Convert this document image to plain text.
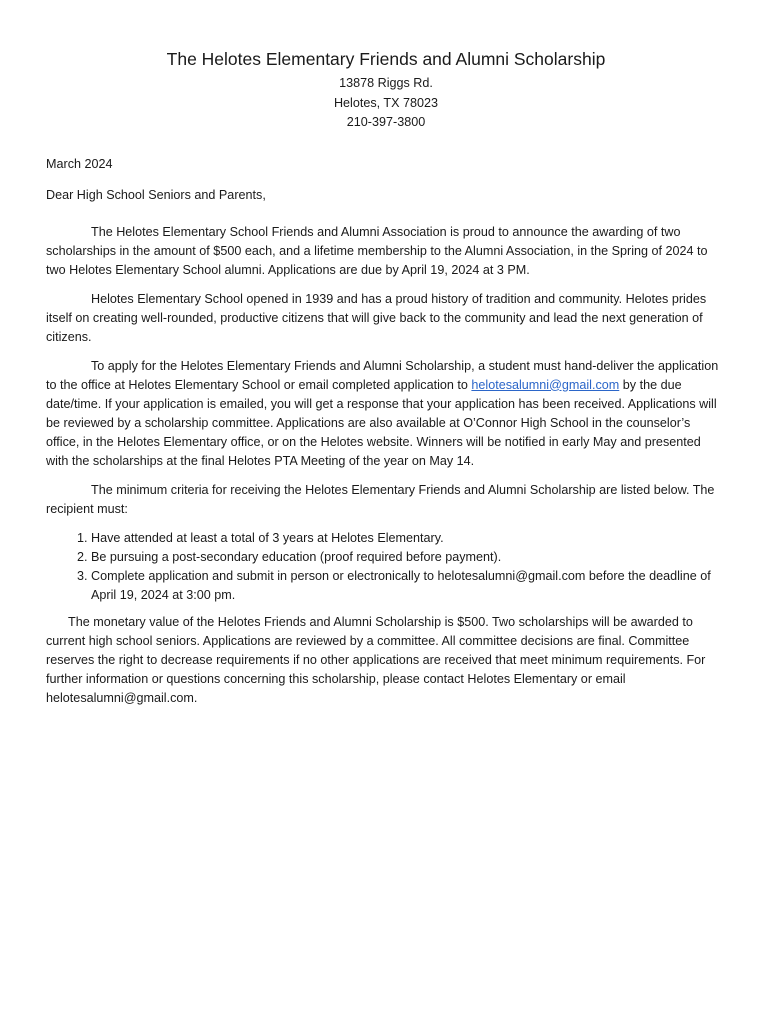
The Helotes Elementary Friends and Alumni Scholarship
13878 Riggs Rd.
Helotes, TX 78023
210-397-3800
March 2024
Dear High School Seniors and Parents,

The Helotes Elementary School Friends and Alumni Association is proud to announce the awarding of two scholarships in the amount of $500 each, and a lifetime membership to the Alumni Association, in the Spring of 2024 to two Helotes Elementary School alumni. Applications are due by April 19, 2024 at 3 PM.

Helotes Elementary School opened in 1939 and has a proud history of tradition and community. Helotes prides itself on creating well-rounded, productive citizens that will give back to the community and lead the next generation of citizens.

To apply for the Helotes Elementary Friends and Alumni Scholarship, a student must hand-deliver the application to the office at Helotes Elementary School or email completed application to helotesalumni@gmail.com by the due date/time. If your application is emailed, you will get a response that your application has been received. Applications will be reviewed by a scholarship committee. Applications are also available at O’Connor High School in the counselor’s office, in the Helotes Elementary office, or on the Helotes website. Winners will be notified in early May and presented with the scholarships at the final Helotes PTA Meeting of the year on May 14.

The minimum criteria for receiving the Helotes Elementary Friends and Alumni Scholarship are listed below. The recipient must:

1. Have attended at least a total of 3 years at Helotes Elementary.
2. Be pursuing a post-secondary education (proof required before payment).
3. Complete application and submit in person or electronically to helotesalumni@gmail.com before the deadline of April 19, 2024 at 3:00 pm.

The monetary value of the Helotes Friends and Alumni Scholarship is $500. Two scholarships will be awarded to current high school seniors. Applications are reviewed by a committee. All committee decisions are final. Committee reserves the right to decrease requirements if no other applications are received that meet minimum requirements. For further information or questions concerning this scholarship, please contact Helotes Elementary or email helotesalumni@gmail.com.
